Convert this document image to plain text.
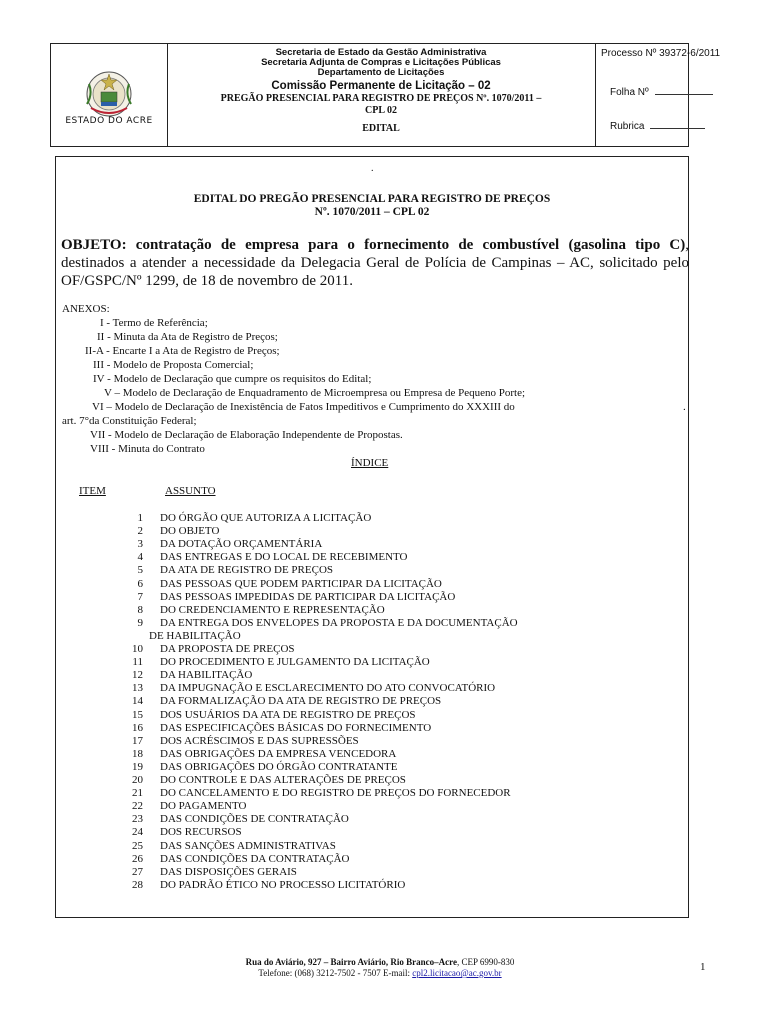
ESTADO DO ACRE
Secretaria de Estado da Gestão Administrativa
Secretaria Adjunta de Compras e Licitações Públicas
Departamento de Licitações
Comissão Permanente de Licitação – 02
PREGÃO PRESENCIAL PARA REGISTRO DE PREÇOS Nº. 1070/2011 – CPL 02
EDITAL
Processo Nº 39372-6/2011
Folha Nº
Rubrica
.
EDITAL DO PREGÃO PRESENCIAL PARA REGISTRO DE PREÇOS
Nº. 1070/2011 – CPL 02
OBJETO: contratação de empresa para o fornecimento de combustível (gasolina tipo C), destinados a atender a necessidade da Delegacia Geral de Polícia de Campinas – AC, solicitado pelo OF/GSPC/Nº 1299, de 18 de novembro de 2011.
ANEXOS:
I - Termo de Referência;
II - Minuta da Ata de Registro de Preços;
II-A - Encarte I a Ata de Registro de Preços;
III - Modelo de Proposta Comercial;
IV - Modelo de Declaração que cumpre os requisitos do Edital;
V – Modelo de Declaração de Enquadramento de Microempresa ou Empresa de Pequeno Porte;
VI – Modelo de Declaração de Inexistência de Fatos Impeditivos e Cumprimento do XXXIII do	.
art. 7°da Constituição Federal;
VII - Modelo de Declaração de Elaboração Independente de Propostas.
VIII - Minuta do Contrato
ÍNDICE
ITEM	ASSUNTO
1 DO ÓRGÃO QUE AUTORIZA A LICITAÇÃO
2 DO OBJETO
3 DA DOTAÇÃO ORÇAMENTÁRIA
4 DAS ENTREGAS E DO LOCAL DE RECEBIMENTO
5 DA ATA DE REGISTRO DE PREÇOS
6 DAS PESSOAS QUE PODEM PARTICIPAR DA LICITAÇÃO
7 DAS PESSOAS IMPEDIDAS DE PARTICIPAR DA LICITAÇÃO
8 DO CREDENCIAMENTO E REPRESENTAÇÃO
9 DA ENTREGA DOS ENVELOPES DA PROPOSTA E DA DOCUMENTAÇÃO
DE HABILITAÇÃO
10 DA PROPOSTA DE PREÇOS
11 DO PROCEDIMENTO E JULGAMENTO DA LICITAÇÃO
12 DA HABILITAÇÃO
13 DA IMPUGNAÇÃO E ESCLARECIMENTO DO ATO CONVOCATÓRIO
14 DA FORMALIZAÇÃO DA ATA DE REGISTRO DE PREÇOS
15 DOS USUÁRIOS DA ATA DE REGISTRO DE PREÇOS
16 DAS ESPECIFICAÇÕES BÁSICAS DO FORNECIMENTO
17 DOS ACRÉSCIMOS E DAS SUPRESSÕES
18 DAS OBRIGAÇÕES DA EMPRESA VENCEDORA
19 DAS OBRIGAÇÕES DO ÓRGÃO CONTRATANTE
20 DO CONTROLE E DAS ALTERAÇÕES DE PREÇOS
21 DO CANCELAMENTO E DO REGISTRO DE PREÇOS DO FORNECEDOR
22 DO PAGAMENTO
23 DAS CONDIÇÕES DE CONTRATAÇÃO
24 DOS RECURSOS
25 DAS SANÇÕES ADMINISTRATIVAS
26 DAS CONDIÇÕES DA CONTRATAÇÃO
27 DAS DISPOSIÇÕES GERAIS
28 DO PADRÃO ÉTICO NO PROCESSO LICITATÓRIO
Rua do Aviário, 927 – Bairro Aviário, Rio Branco–Acre, CEP 6990-830
Telefone: (068) 3212-7502 - 7507 E-mail: cpl2.licitacao@ac.gov.br	1
